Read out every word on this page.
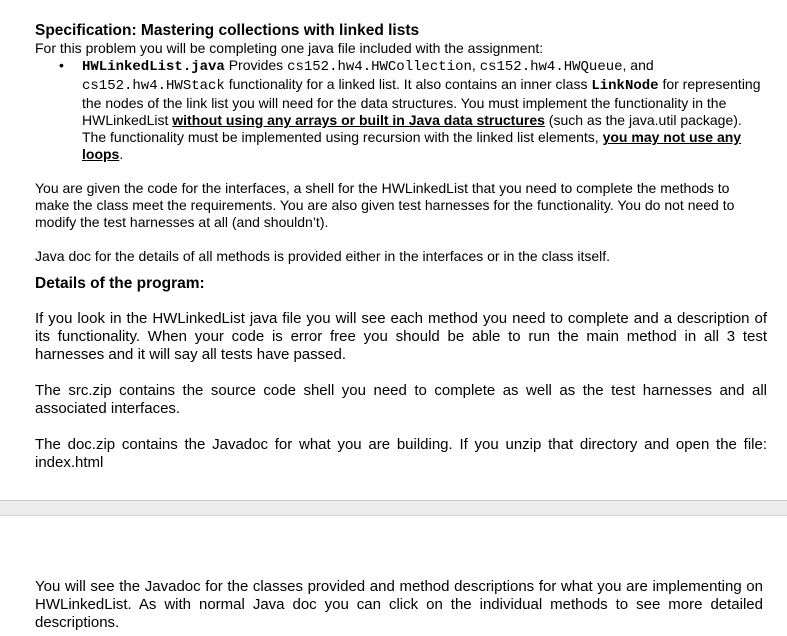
Specification: Mastering collections with linked lists

For this problem you will be completing one java file included with the assignment:

• HWLinkedList.java Provides cs152.hw4.HWCollection, cs152.hw4.HWQueue, and cs152.hw4.HWStack functionality for a linked list. It also contains an inner class LinkNode for representing the nodes of the link list you will need for the data structures. You must implement the functionality in the HWLinkedList without using any arrays or built in Java data structures (such as the java.util package). The functionality must be implemented using recursion with the linked list elements, you may not use any loops.

You are given the code for the interfaces, a shell for the HWLinkedList that you need to complete the methods to make the class meet the requirements. You are also given test harnesses for the functionality. You do not need to modify the test harnesses at all (and shouldn’t).

Java doc for the details of all methods is provided either in the interfaces or in the class itself.

Details of the program:

If you look in the HWLinkedList java file you will see each method you need to complete and a description of its functionality. When your code is error free you should be able to run the main method in all 3 test harnesses and it will say all tests have passed.

The src.zip contains the source code shell you need to complete as well as the test harnesses and all associated interfaces.

The doc.zip contains the Javadoc for what you are building. If you unzip that directory and open the file: index.html

You will see the Javadoc for the classes provided and method descriptions for what you are implementing on HWLinkedList. As with normal Java doc you can click on the individual methods to see more detailed descriptions.
